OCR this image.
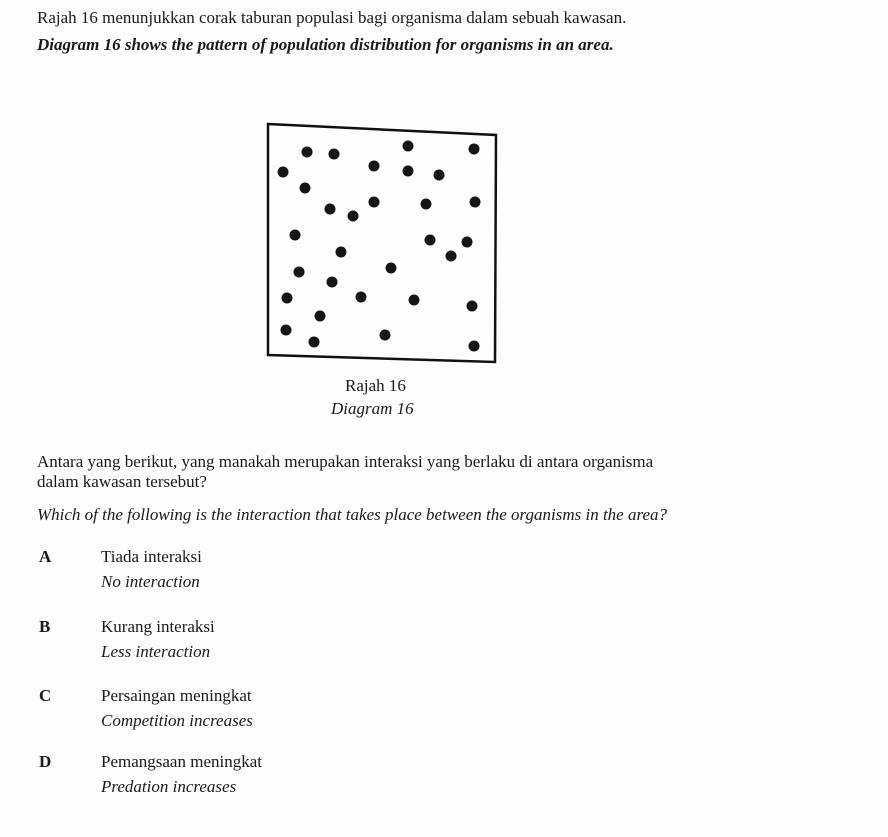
Rajah 16 menunjukkan corak taburan populasi bagi organisma dalam sebuah kawasan.
Diagram 16 shows the pattern of population distribution for organisms in an area.
Rajah 16
Diagram 16
Antara yang berikut, yang manakah merupakan interaksi yang berlaku di antara organisma
dalam kawasan tersebut?
Which of the following is the interaction that takes place between the organisms in the area?
A	Tiada interaksi
No interaction
B	Kurang interaksi
Less interaction
C	Persaingan meningkat
Competition increases
D	Pemangsaan meningkat
Predation increases
